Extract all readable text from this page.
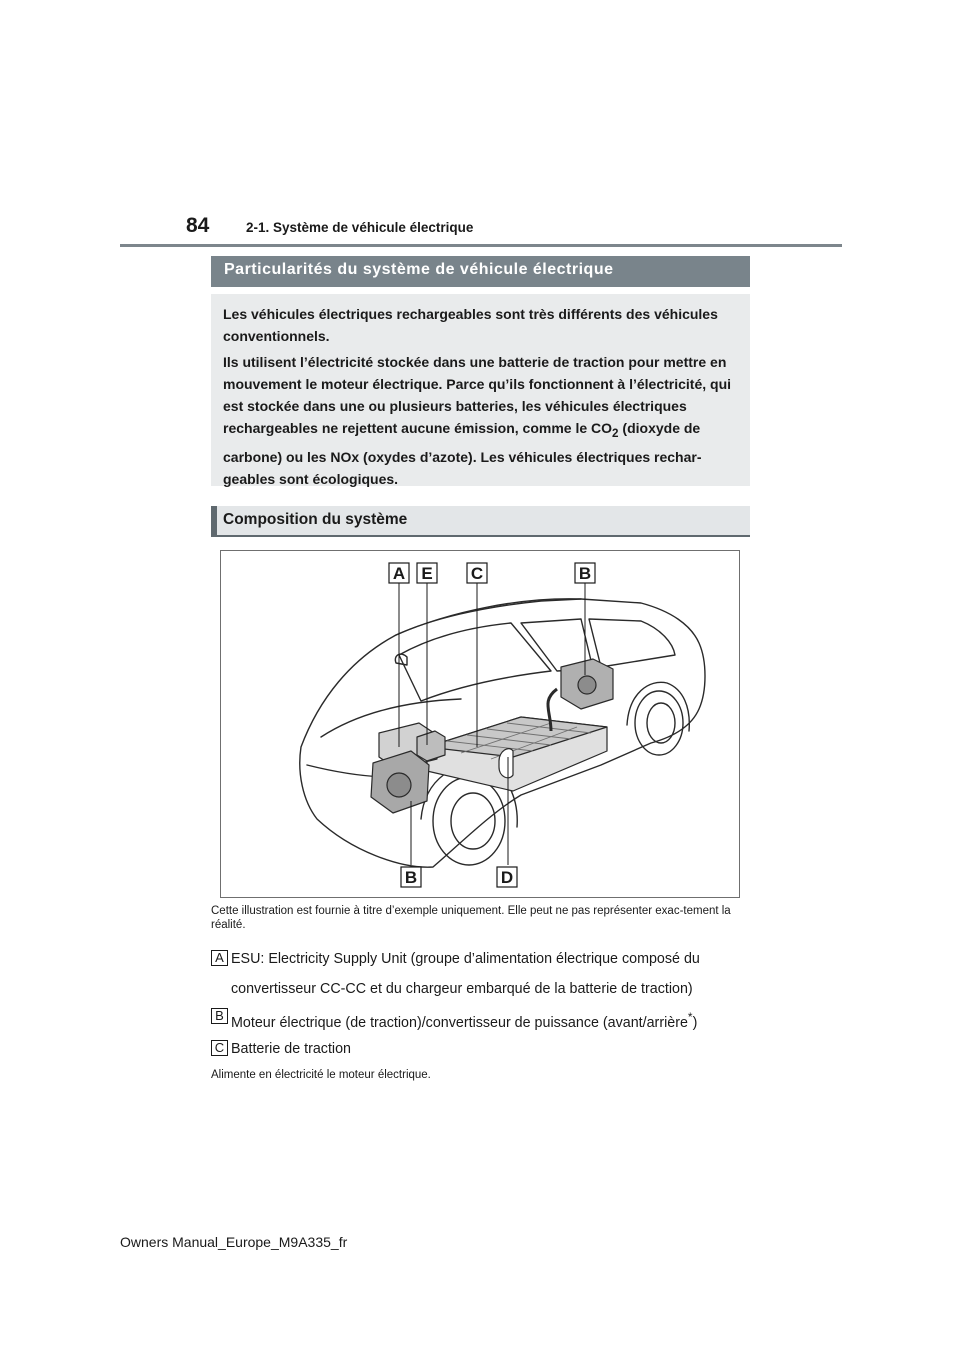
84	2-1. Système de véhicule électrique
Particularités du système de véhicule électrique

Les véhicules électriques rechargeables sont très différents des véhicules conventionnels.

Ils utilisent l’électricité stockée dans une batterie de traction pour mettre en mouvement le moteur électrique. Parce qu’ils fonctionnent à l’électricité, qui est stockée dans une ou plusieurs batteries, les véhicules électriques rechargeables ne rejettent aucune émission, comme le $CO_2$ (dioxyde de carbone) ou les NOx (oxydes d’azote). Les véhicules électriques rechar-geables sont écologiques.

Composition du système
A E C	B
B	D
Cette illustration est fournie à titre d’exemple uniquement. Elle peut ne pas représenter exac-tement la réalité.
A ESU: Electricity Supply Unit (groupe d’alimentation électrique composé du convertisseur CC-CC et du chargeur embarqué de la batterie de traction)
B Moteur électrique (de traction)/convertisseur de puissance (avant/arrière*)
C Batterie de traction
Alimente en électricité le moteur électrique.
Owners Manual_Europe_M9A335_fr
